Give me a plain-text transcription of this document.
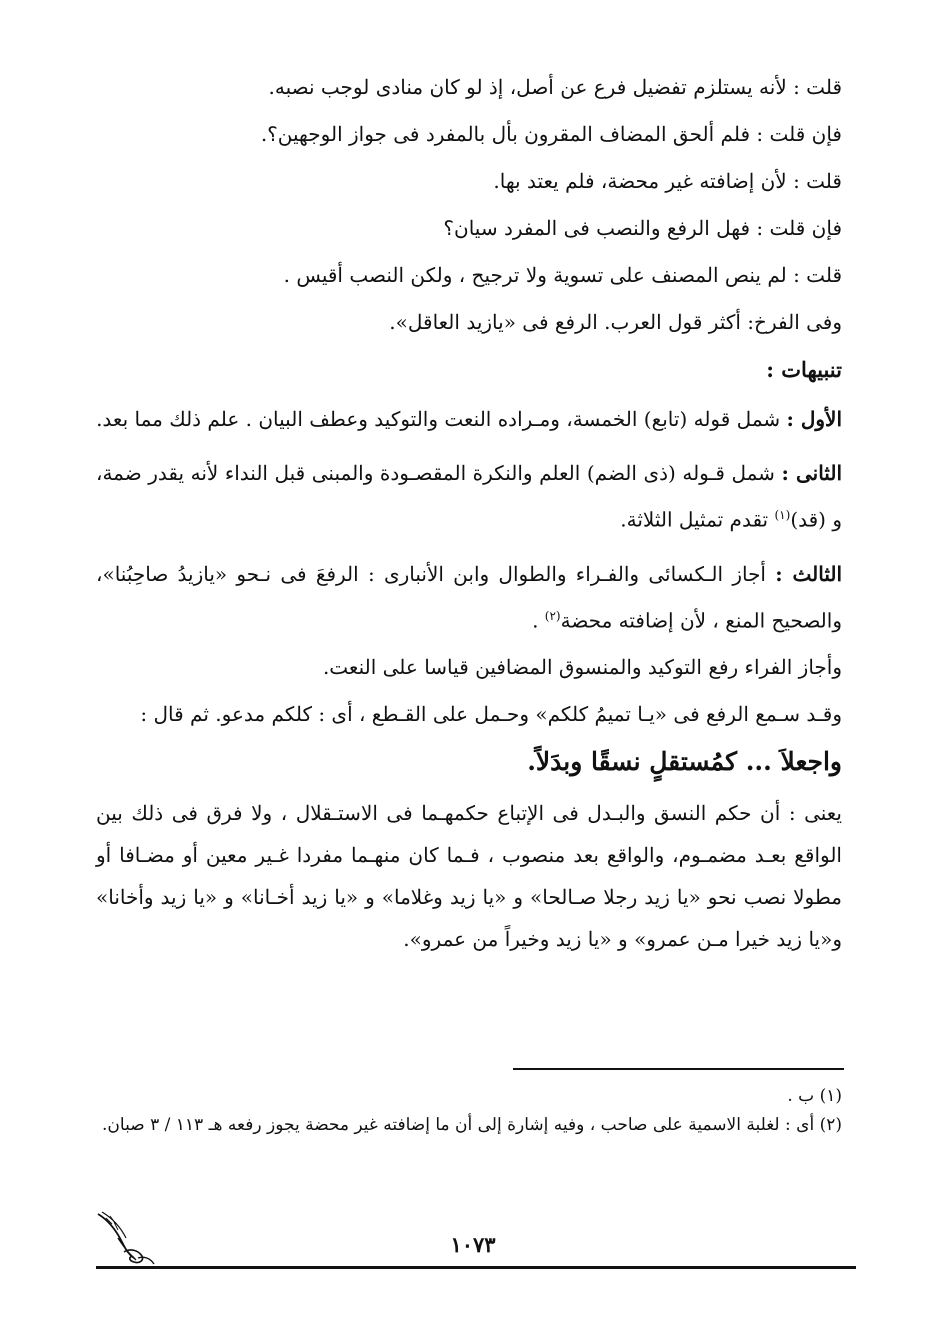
قلت : لأنه يستلزم تفضيل فرع عن أصل، إذ لو كان منادى لوجب نصبه.
فإن قلت : فلم ألحق المضاف المقرون بأل بالمفرد فى جواز الوجهين؟.
قلت : لأن إضافته غير محضة، فلم يعتد بها.
فإن قلت : فهل الرفع والنصب فى المفرد سيان؟
قلت : لم ينص المصنف على تسوية ولا ترجيح ، ولكن النصب أقيس .
وفى الفرخ: أكثر قول العرب. الرفع فى «يازيد العاقل».
تنبيهات :
الأول : شمل قوله (تابع) الخمسة، ومـراده النعت والتوكيد وعطف البيان . علم ذلك مما بعد.
الثانى : شمل قـوله (ذى الضم) العلم والنكرة المقصـودة والمبنى قبل النداء لأنه يقدر ضمة، و (قد)$^{(١)}$ تقدم تمثيل الثلاثة.
الثالث : أجاز الـكسائى والفـراء والطوال وابن الأنبارى : الرفعَ فى نـحو «يازيدُ صاحِبُنا»، والصحيح المنع ، لأن إضافته محضة$^{(٢)}$ .
وأجاز الفراء رفع التوكيد والمنسوق المضافين قياسا على النعت.
وقـد سـمع الرفع فى «يـا تميمُ كلكم» وحـمل على القـطع ، أى : كلكم مدعو. ثم قال :
واجعلاَ ... كمُستقلٍ نسقًا وبدَلاً.
يعنى : أن حكم النسق والبـدل فى الإتباع حكمهـما فى الاستـقلال ، ولا فرق فى ذلك بين الواقع بعـد مضمـوم، والواقع بعد منصوب ، فـما كان منهـما مفردا غـير معين أو مضـافا أو مطولا نصب نحو «يا زيد رجلا صـالحا» و «يا زيد وغلاما» و «يا زيد أخـانا» و «يا زيد وأخانا» و«يا زيد خيرا مـن عمرو» و «يا زيد وخيراً من عمرو».
(١) ب .
(٢) أى : لغلبة الاسمية على صاحب ، وفيه إشارة إلى أن ما إضافته غير محضة يجوز رفعه هـ ١١٣ / ٣ صبان.
١٠٧٣
